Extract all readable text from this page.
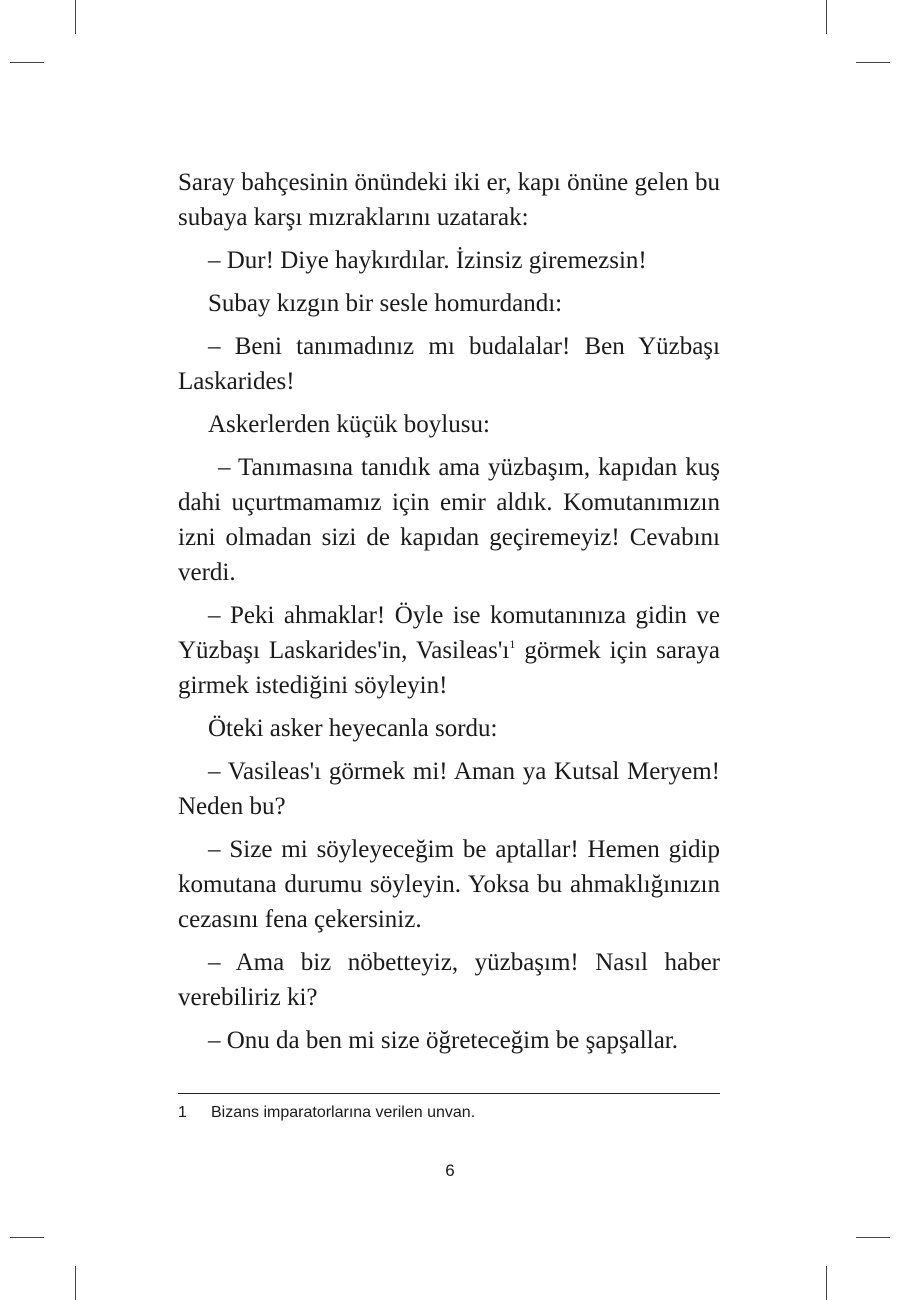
Saray bahçesinin önündeki iki er, kapı önüne gelen bu subaya karşı mızraklarını uzatarak:

– Dur! Diye haykırdılar. İzinsiz giremezsin!

Subay kızgın bir sesle homurdandı:

– Beni tanımadınız mı budalalar! Ben Yüzbaşı Laskarides!

Askerlerden küçük boylusu:

– Tanımasına tanıdık ama yüzbaşım, kapıdan kuş dahi uçurtmamamız için emir aldık. Komutanımızın izni olmadan sizi de kapıdan geçiremeyiz! Cevabını verdi.

– Peki ahmaklar! Öyle ise komutanınıza gidin ve Yüzbaşı Laskarides'in, Vasileas'ı$^1$ görmek için saraya girmek istediğini söyleyin!

Öteki asker heyecanla sordu:

– Vasileas'ı görmek mi! Aman ya Kutsal Meryem! Neden bu?

– Size mi söyleyeceğim be aptallar! Hemen gidip komutana durumu söyleyin. Yoksa bu ahmaklığınızın cezasını fena çekersiniz.

– Ama biz nöbetteyiz, yüzbaşım! Nasıl haber verebiliriz ki?

– Onu da ben mi size öğreteceğim be şapşallar.

1 Bizans imparatorlarına verilen unvan.
6
